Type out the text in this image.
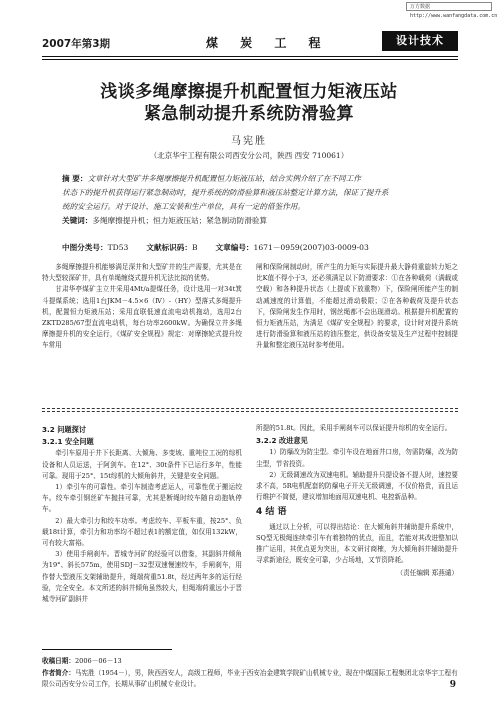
万方数据 http://www.wanfangdata.com.cn
2007年第3期	煤 炭 工 程	设计技术
浅谈多绳摩擦提升机配置恒力矩液压站
紧急制动提升系统防滑验算
马宪胜
（北京华宇工程有限公司西安分公司，陕西 西安 710061）
摘 要：文章针对大型矿井多绳摩擦提升机配置恒力矩液压站，结合实例介绍了在不同工作
状态下的提升机获得运行紧急制动时，提升系统的防滑验算和液压站整定计算方法，保证了提升系
统的安全运行。对于设计、施工安装和生产单位，具有一定的借鉴作用。
关键词：多绳摩擦提升机；恒力矩液压站；紧急制动防滑验算
中图分类号：TD53 文献标识码：B 文章编号：1671－0959(2007)03-0009-03

多绳摩擦提升机能够满足深井和大型矿井的生产需要，尤其是在特大型较深矿井，具有单绳缠绕式提升机无法比拟的优势。

甘肃华亭煤矿主立井采用4Mt/a提煤任务，设计选用一对34t箕斗提煤系统；选用1台JKM－4.5×6（Ⅳ）-（HY）型落式多绳提升机，配置恒力矩液压站；采用直联低速直流电动机拖动，选用2台ZKTD285/67型直流电动机，每台功率2600kW。为确保立井多绳摩擦提升机的安全运行，《煤矿安全规程》规定：对摩擦轮式提升绞车常用

闸和保险闸制动时，所产生的力矩与实际提升最大静荷重旋转力矩之比K值不得小于3，还必须满足以下防滑要求：①在各种载荷（满载或空载）和各种提升状态（上提或下放重物）下，保险闸所能产生的制动减速度的计算值，不能超过滑动极限；②在各种载荷及提升状态下，保险闸发生作用时，钢丝绳都不会出现滑动。根据提升机配置的恒力矩液压站，为满足《煤矿安全规程》的要求，设计时对提升系统进行防滑验算和液压站的油压整定，供设备安装及生产过程中控制提升量和整定液压站时参考使用。

3.2 问题探讨
3.2.1 安全问题

牵引车原用于井下长距离、大倾角、多变坡、重吨位工况的综机设备和人员运送，于阿剑车。在12°、30t条件下已运行多年，性能可靠。现用于25°、15t综机的大倾角斜井，关键是安全问题。

1）牵引车的可靠性。牵引车制造考虑运人，可靠性优于搬运绞车。绞车牵引钢丝矿车抛挂可靠，尤其是断绳时绞车随自动抱轨停车。

2）最大牵引力和绞车功率。考虑绞车、平板车重，按25°、负载18t计算，牵引力和功率均不超过表1的额定值，如仅用132kW，可有较大富裕。

3）使用手闸刹车。晋城寺河矿的经验可以借鉴，其副斜井倾角为19°、斜长575m，使用SDJ－32型双速慢速绞车，手闸刹车，用作替大型液压支架辅助提升，绳端荷重51.8t，经过两年多的运行经验，完全安全。本文所述的斜井倾角虽然较大，但绳端荷重远小于晋城寺河矿副斜井

所提的51.8t。因此，采用手闸刹车可以保证提升综机的安全运行。

3.2.2 改进意见

1）防爆改为防尘型。牵引车设在地面井口房，勿需防爆，改为防尘型，节省投资。

2）无级调速改为双速电机。辅助提升只提设备不提人时，速控要求不高，5R电机配套的防爆电子开关无级调速，不仅价格贵，而且运行维护不简便，建议增加地面用双速电机、电控新品种。

4 结 语

通过以上分析，可以得出结论：在大倾角斜井辅助提升系统中，SQ型无极绳连续牵引车有着独特的优点，而且，若能对其改进整加以推广运用，其优点更为突出，本文研讨商榷，为大倾角斜井辅助提升寻求新途径，既安全可靠，少占场地，又节资降耗。

（责任编辑 郑燕谴）
收稿日期：2006－06－13
作者简介：马宪胜（1954－），男，陕西西安人，高级工程师，毕业于西安冶金建筑学院矿山机械专业，现在中煤国际工程集团北京华宇工程有限公司西安分公司工作，长期从事矿山机械专业设计。	9
